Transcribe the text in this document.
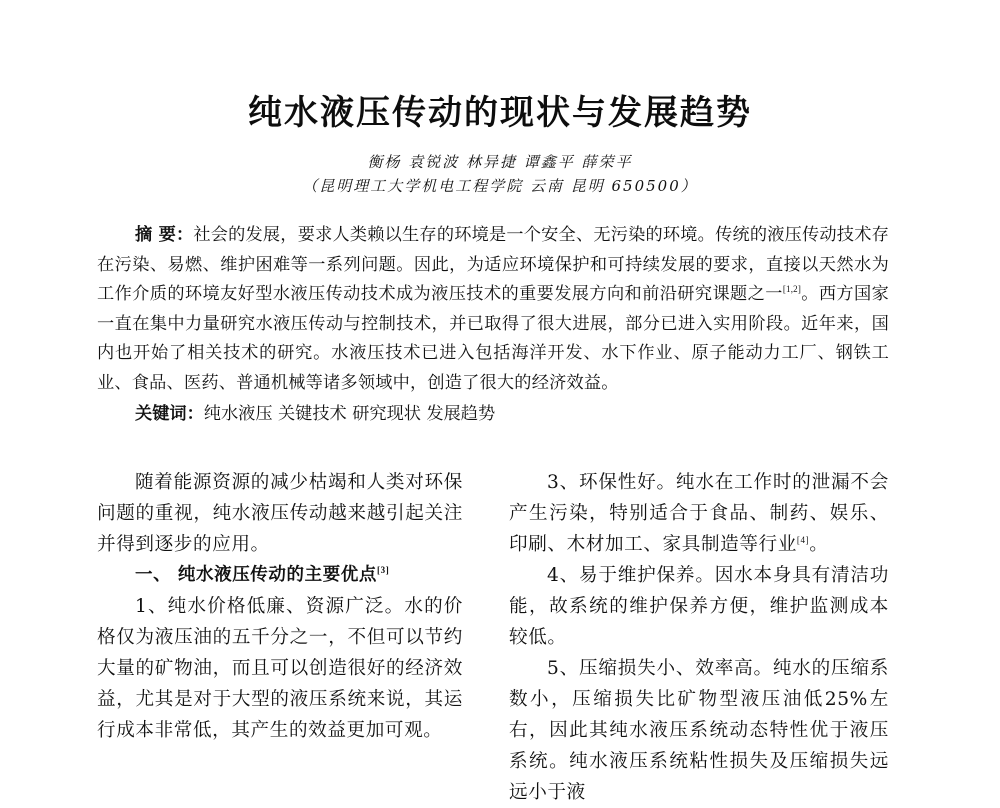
纯水液压传动的现状与发展趋势
衡杨 袁锐波 林异捷 谭鑫平 薛荣平
（昆明理工大学机电工程学院 云南 昆明 650500）
摘 要：社会的发展，要求人类赖以生存的环境是一个安全、无污染的环境。传统的液压传动技术存在污染、易燃、维护困难等一系列问题。因此，为适应环境保护和可持续发展的要求，直接以天然水为工作介质的环境友好型水液压传动技术成为液压技术的重要发展方向和前沿研究课题之一[1,2]。西方国家一直在集中力量研究水液压传动与控制技术，并已取得了很大进展，部分已进入实用阶段。近年来，国内也开始了相关技术的研究。水液压技术已进入包括海洋开发、水下作业、原子能动力工厂、钢铁工业、食品、医药、普通机械等诸多领域中，创造了很大的经济效益。
关键词：纯水液压 关键技术 研究现状 发展趋势

随着能源资源的减少枯竭和人类对环保问题的重视，纯水液压传动越来越引起关注并得到逐步的应用。

一、 纯水液压传动的主要优点[3]

1、纯水价格低廉、资源广泛。水的价格仅为液压油的五千分之一，不但可以节约大量的矿物油，而且可以创造很好的经济效益，尤其是对于大型的液压系统来说，其运行成本非常低，其产生的效益更加可观。

3、环保性好。纯水在工作时的泄漏不会产生污染，特别适合于食品、制药、娱乐、印刷、木材加工、家具制造等行业[4]。

4、易于维护保养。因水本身具有清洁功能，故系统的维护保养方便，维护监测成本较低。

5、压缩损失小、效率高。纯水的压缩系数小，压缩损失比矿物型液压油低25%左右，因此其纯水液压系统动态特性优于液压系统。纯水液压系统粘性损失及压缩损失远远小于液
